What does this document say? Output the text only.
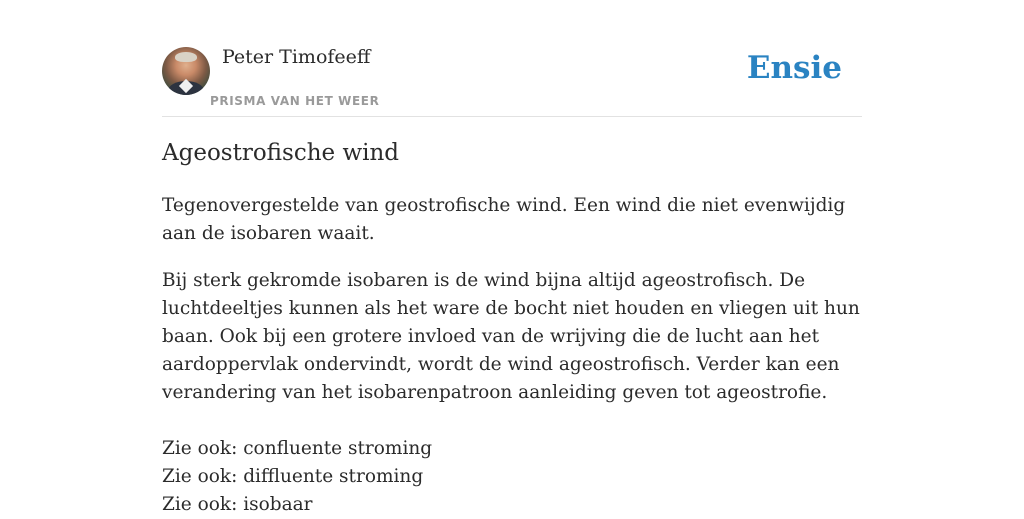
Peter Timofeeff
PRISMA VAN HET WEER
Ensie
Ageostrofische wind

Tegenovergestelde van geostrofische wind. Een wind die niet evenwijdig aan de isobaren waait.

Bij sterk gekromde isobaren is de wind bijna altijd ageostrofisch. De luchtdeeltjes kunnen als het ware de bocht niet houden en vliegen uit hun baan. Ook bij een grotere invloed van de wrijving die de lucht aan het aardoppervlak ondervindt, wordt de wind ageostrofisch. Verder kan een verandering van het isobarenpatroon aanleiding geven tot ageostrofie.

Zie ook: confluente stroming
Zie ook: diffluente stroming
Zie ook: isobaar
